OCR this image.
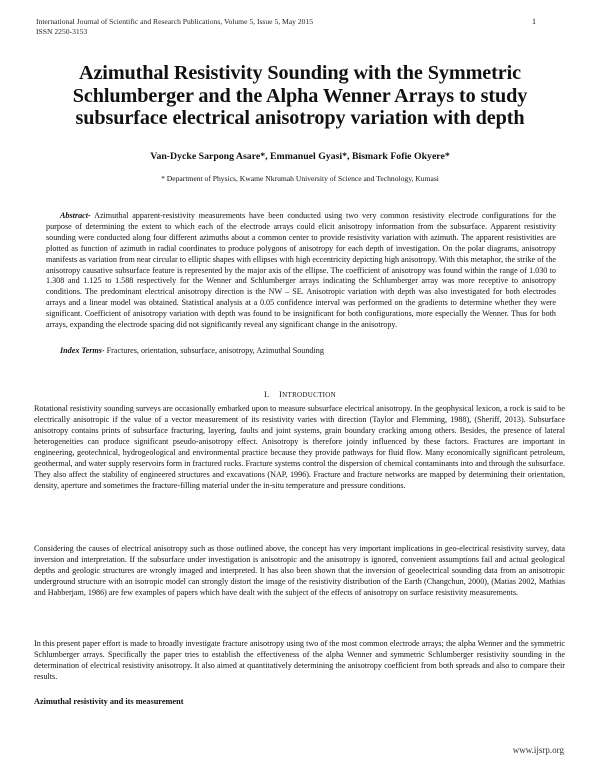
International Journal of Scientific and Research Publications, Volume 5, Issue 5, May 2015
ISSN 2250-3153
1
Azimuthal Resistivity Sounding with the Symmetric Schlumberger and the Alpha Wenner Arrays to study subsurface electrical anisotropy variation with depth
Van-Dycke Sarpong Asare*, Emmanuel Gyasi*, Bismark Fofie Okyere*
* Department of Physics, Kwame Nkrumah University of Science and Technology, Kumasi
Abstract- Azimuthal apparent-resistivity measurements have been conducted using two very common resistivity electrode configurations for the purpose of determining the extent to which each of the electrode arrays could elicit anisotropy information from the subsurface. Apparent resistivity sounding were conducted along four different azimuths about a common center to provide resistivity variation with azimuth. The apparent resistivities are plotted as function of azimuth in radial coordinates to produce polygons of anisotropy for each depth of investigation. On the polar diagrams, anisotropy manifests as variation from near circular to elliptic shapes with ellipses with high eccentricity depicting high anisotropy. With this metaphor, the strike of the anisotropy causative subsurface feature is represented by the major axis of the ellipse. The coefficient of anisotropy was found within the range of 1.030 to 1.308 and 1.125 to 1.588 respectively for the Wenner and Schlumberger arrays indicating the Schlumberger array was more receptive to anisotropy conditions. The predominant electrical anisotropy direction is the NW – SE. Anisotropic variation with depth was also investigated for both electrodes arrays and a linear model was obtained. Statistical analysis at a 0.05 confidence interval was performed on the gradients to determine whether they were significant. Coefficient of anisotropy variation with depth was found to be insignificant for both configurations, more especially the Wenner. Thus for both arrays, expanding the electrode spacing did not significantly reveal any significant change in the anisotropy.
Index Terms- Fractures, orientation, subsurface, anisotropy, Azimuthal Sounding
I. INTRODUCTION
Rotational resistivity sounding surveys are occasionally embarked upon to measure subsurface electrical anisotropy. In the geophysical lexicon, a rock is said to be electrically anisotropic if the value of a vector measurement of its resistivity varies with direction (Taylor and Flemming, 1988), (Sheriff, 2013). Subsurface anisotropy contains prints of subsurface fracturing, layering, faults and joint systems, grain boundary cracking among others. Besides, the presence of lateral heterogeneities can produce significant pseudo-anisotropy effect. Anisotropy is therefore jointly influenced by these factors. Fractures are important in engineering, geotechnical, hydrogeological and environmental practice because they provide pathways for fluid flow. Many economically significant petroleum, geothermal, and water supply reservoirs form in fractured rocks. Fracture systems control the dispersion of chemical contaminants into and through the subsurface. They also affect the stability of engineered structures and excavations (NAP, 1996). Fracture and fracture networks are mapped by determining their orientation, density, aperture and sometimes the fracture-filling material under the in-situ temperature and pressure conditions.
Considering the causes of electrical anisotropy such as those outlined above, the concept has very important implications in geo-electrical resistivity survey, data inversion and interpretation. If the subsurface under investigation is anisotropic and the anisotropy is ignored, convenient assumptions fail and actual geological depths and geologic structures are wrongly imaged and interpreted. It has also been shown that the inversion of geoelectrical sounding data from an anisotropic underground structure with an isotropic model can strongly distort the image of the resistivity distribution of the Earth (Changchun, 2000), (Matias 2002, Mathias and Habberjam, 1986) are few examples of papers which have dealt with the subject of the effects of anisotropy on surface resistivity measurements.
In this present paper effort is made to broadly investigate fracture anisotropy using two of the most common electrode arrays; the alpha Wenner and the symmetric Schlumberger arrays. Specifically the paper tries to establish the effectiveness of the alpha Wenner and symmetric Schlumberger resistivity sounding in the determination of electrical resistivity anisotropy. It also aimed at quantitatively determining the anisotropy coefficient from both spreads and also to compare their results.
Azimuthal resistivity and its measurement
www.ijsrp.org
